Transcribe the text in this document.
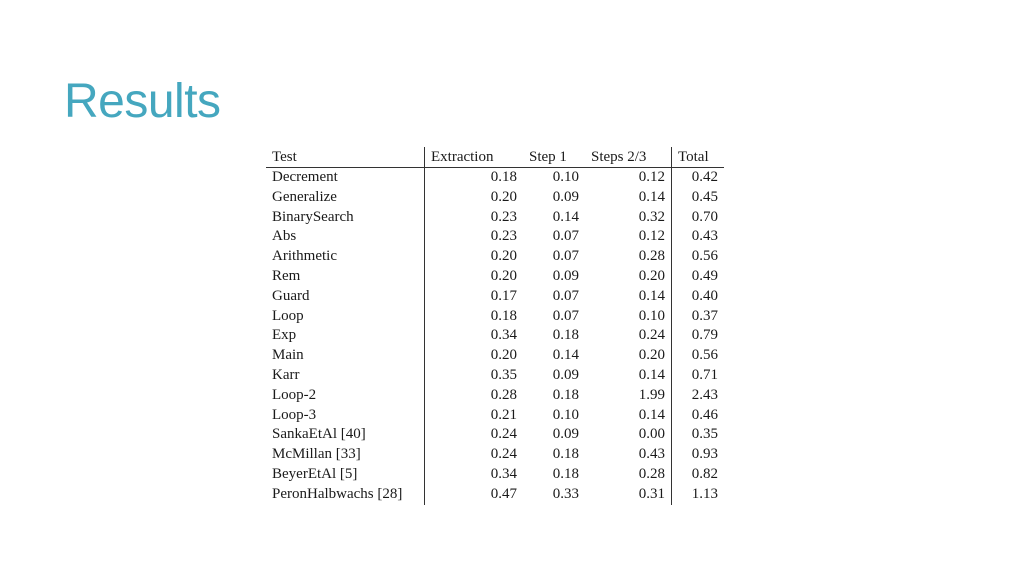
Results
Test	Extraction	Step 1	Steps 2/3	Total
Decrement	0.18	0.10	0.12	0.42
Generalize	0.20	0.09	0.14	0.45
BinarySearch	0.23	0.14	0.32	0.70
Abs	0.23	0.07	0.12	0.43
Arithmetic	0.20	0.07	0.28	0.56
Rem	0.20	0.09	0.20	0.49
Guard	0.17	0.07	0.14	0.40
Loop	0.18	0.07	0.10	0.37
Exp	0.34	0.18	0.24	0.79
Main	0.20	0.14	0.20	0.56
Karr	0.35	0.09	0.14	0.71
Loop-2	0.28	0.18	1.99	2.43
Loop-3	0.21	0.10	0.14	0.46
SankaEtAl [40]	0.24	0.09	0.00	0.35
McMillan [33]	0.24	0.18	0.43	0.93
BeyerEtAl [5]	0.34	0.18	0.28	0.82
PeronHalbwachs [28]	0.47	0.33	0.31	1.13
